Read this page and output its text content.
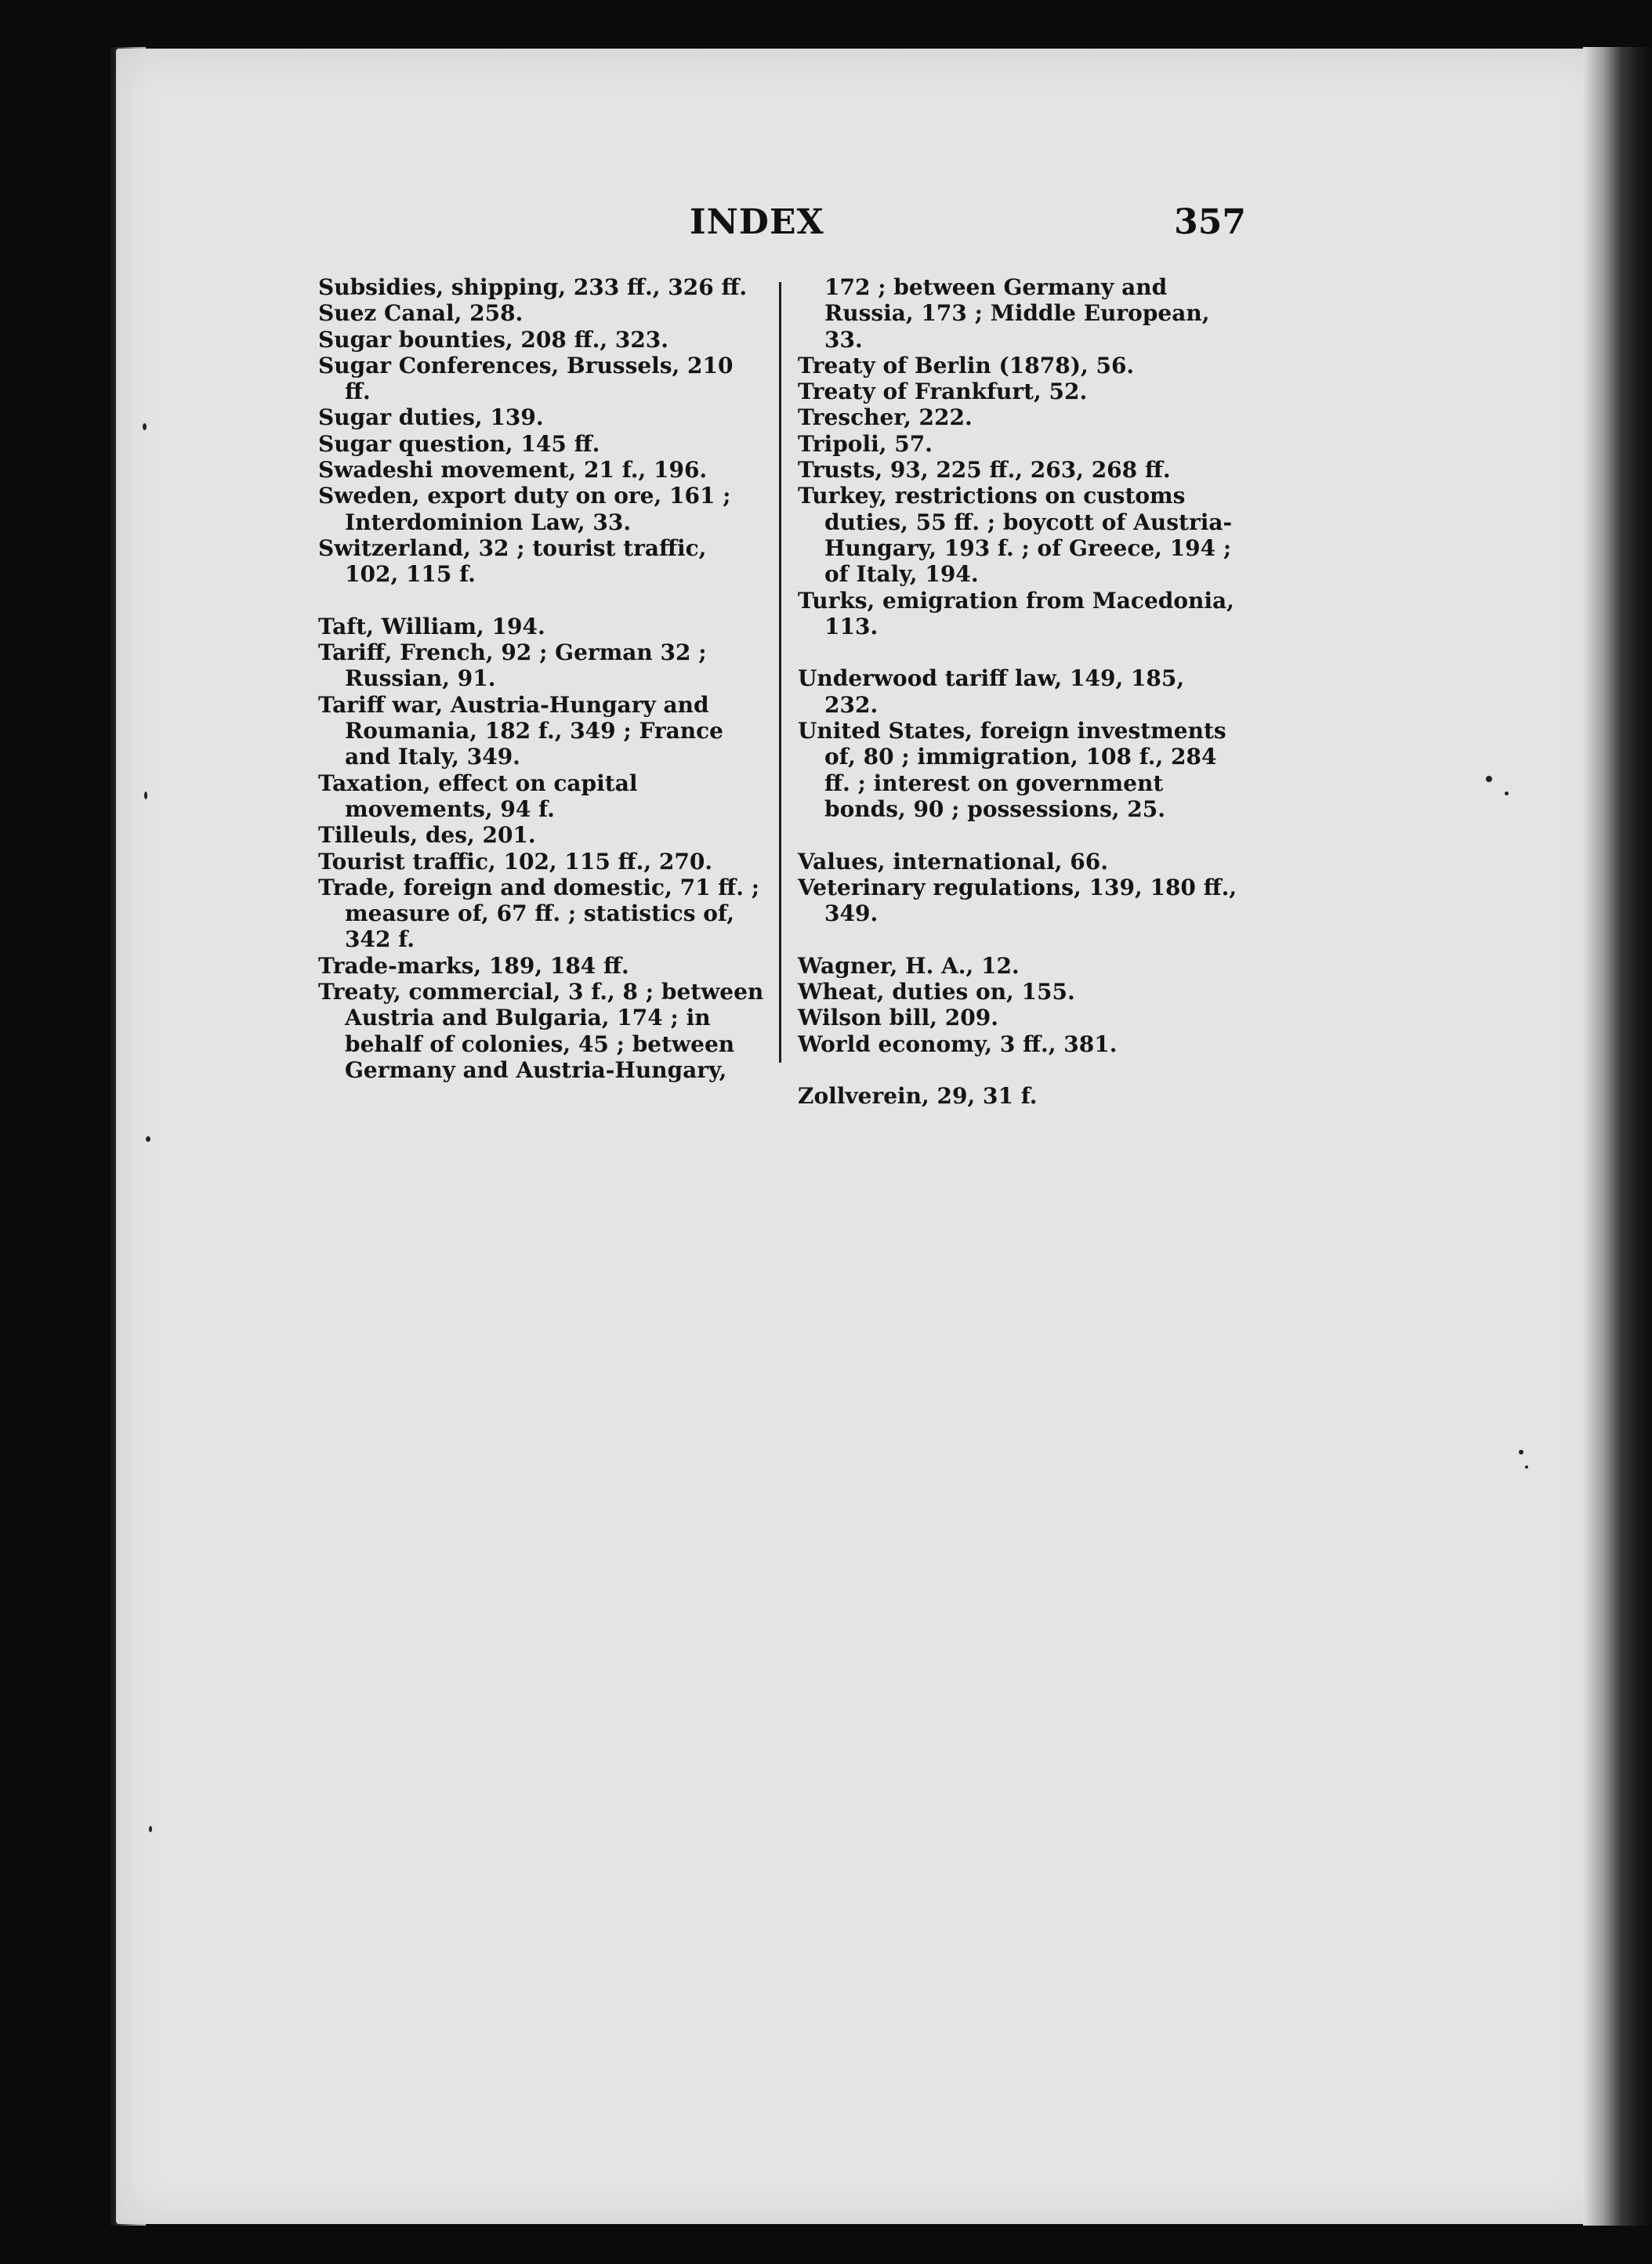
INDEX	357

Subsidies, shipping, 233 ff., 326 ff.

Suez Canal, 258.

Sugar bounties, 208 ff., 323.

Sugar Conferences, Brussels, 210 ff.

Sugar duties, 139.

Sugar question, 145 ff.

Swadeshi movement, 21 f., 196.

Sweden, export duty on ore, 161 ; Interdominion Law, 33.

Switzerland, 32 ; tourist traffic, 102, 115 f.

Taft, William, 194.

Tariff, French, 92 ; German 32 ; Russian, 91.

Tariff war, Austria-Hungary and Roumania, 182 f., 349 ; France and Italy, 349.

Taxation, effect on capital movements, 94 f.

Tilleuls, des, 201.

Tourist traffic, 102, 115 ff., 270.

Trade, foreign and domestic, 71 ff. ; measure of, 67 ff. ; statistics of, 342 f.

Trade-marks, 189, 184 ff.

Treaty, commercial, 3 f., 8 ; between Austria and Bulgaria, 174 ; in behalf of colonies, 45 ; between Germany and Austria-Hungary,

172 ; between Germany and Russia, 173 ; Middle European, 33.

Treaty of Berlin (1878), 56.

Treaty of Frankfurt, 52.

Trescher, 222.

Tripoli, 57.

Trusts, 93, 225 ff., 263, 268 ff.

Turkey, restrictions on customs duties, 55 ff. ; boycott of Austria-Hungary, 193 f. ; of Greece, 194 ; of Italy, 194.

Turks, emigration from Macedonia, 113.

Underwood tariff law, 149, 185, 232.

United States, foreign investments of, 80 ; immigration, 108 f., 284 ff. ; interest on government bonds, 90 ; possessions, 25.

Values, international, 66.

Veterinary regulations, 139, 180 ff., 349.

Wagner, H. A., 12.

Wheat, duties on, 155.

Wilson bill, 209.

World economy, 3 ff., 381.

Zollverein, 29, 31 f.
